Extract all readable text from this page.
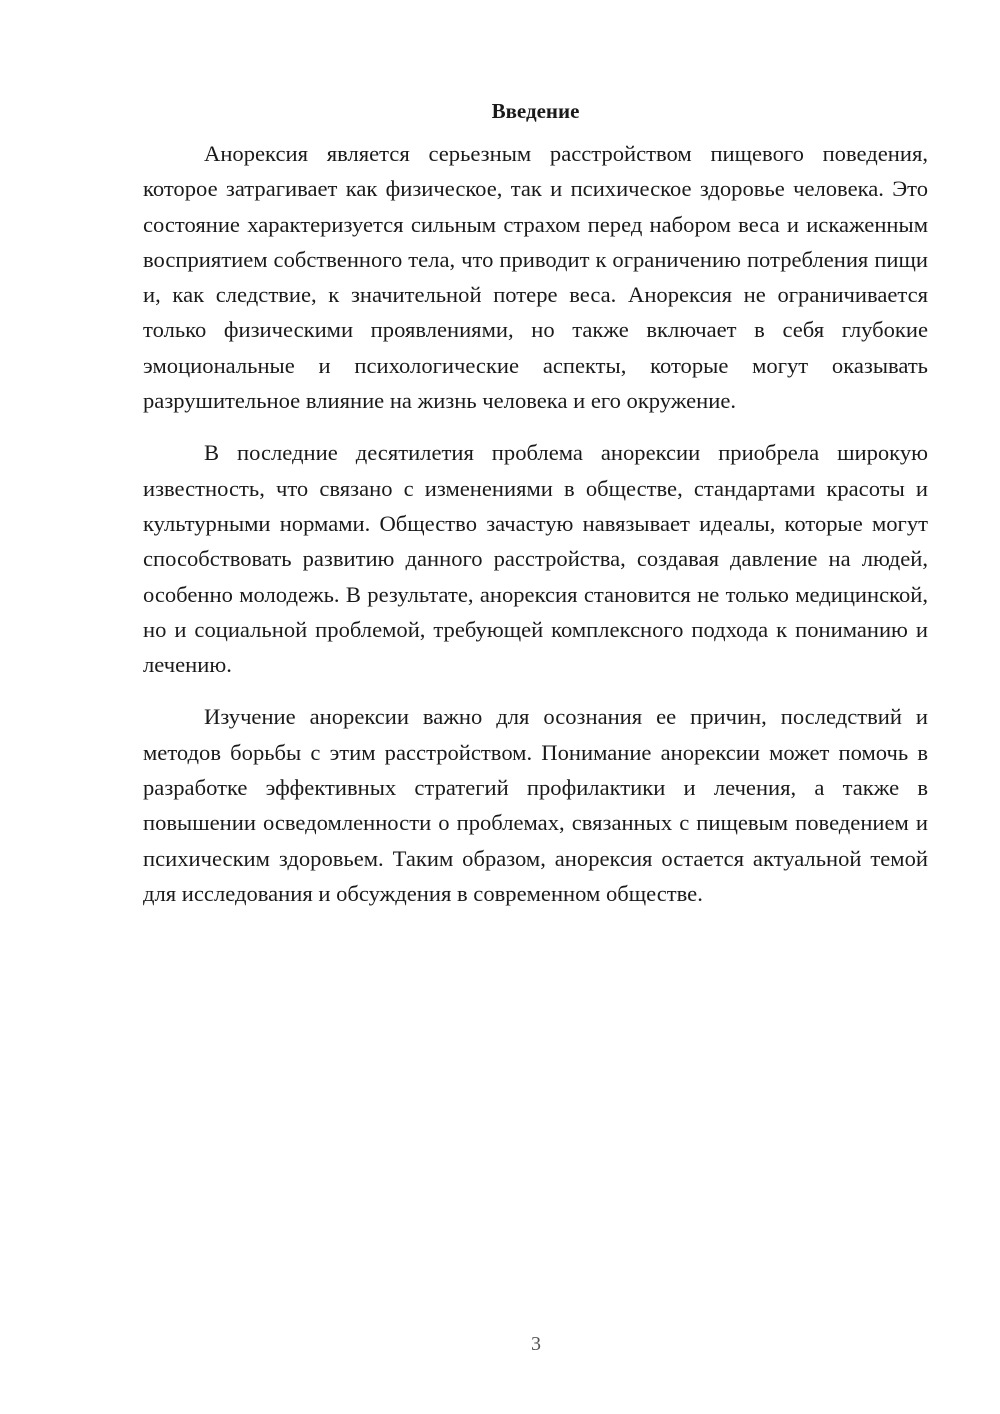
Введение

Анорексия является серьезным расстройством пищевого поведения, которое затрагивает как физическое, так и психическое здоровье человека. Это состояние характеризуется сильным страхом перед набором веса и искаженным восприятием собственного тела, что приводит к ограничению потребления пищи и, как следствие, к значительной потере веса. Анорексия не ограничивается только физическими проявлениями, но также включает в себя глубокие эмоциональные и психологические аспекты, которые могут оказывать разрушительное влияние на жизнь человека и его окружение.

В последние десятилетия проблема анорексии приобрела широкую известность, что связано с изменениями в обществе, стандартами красоты и культурными нормами. Общество зачастую навязывает идеалы, которые могут способствовать развитию данного расстройства, создавая давление на людей, особенно молодежь. В результате, анорексия становится не только медицинской, но и социальной проблемой, требующей комплексного подхода к пониманию и лечению.

Изучение анорексии важно для осознания ее причин, последствий и методов борьбы с этим расстройством. Понимание анорексии может помочь в разработке эффективных стратегий профилактики и лечения, а также в повышении осведомленности о проблемах, связанных с пищевым поведением и психическим здоровьем. Таким образом, анорексия остается актуальной темой для исследования и обсуждения в современном обществе.

3
